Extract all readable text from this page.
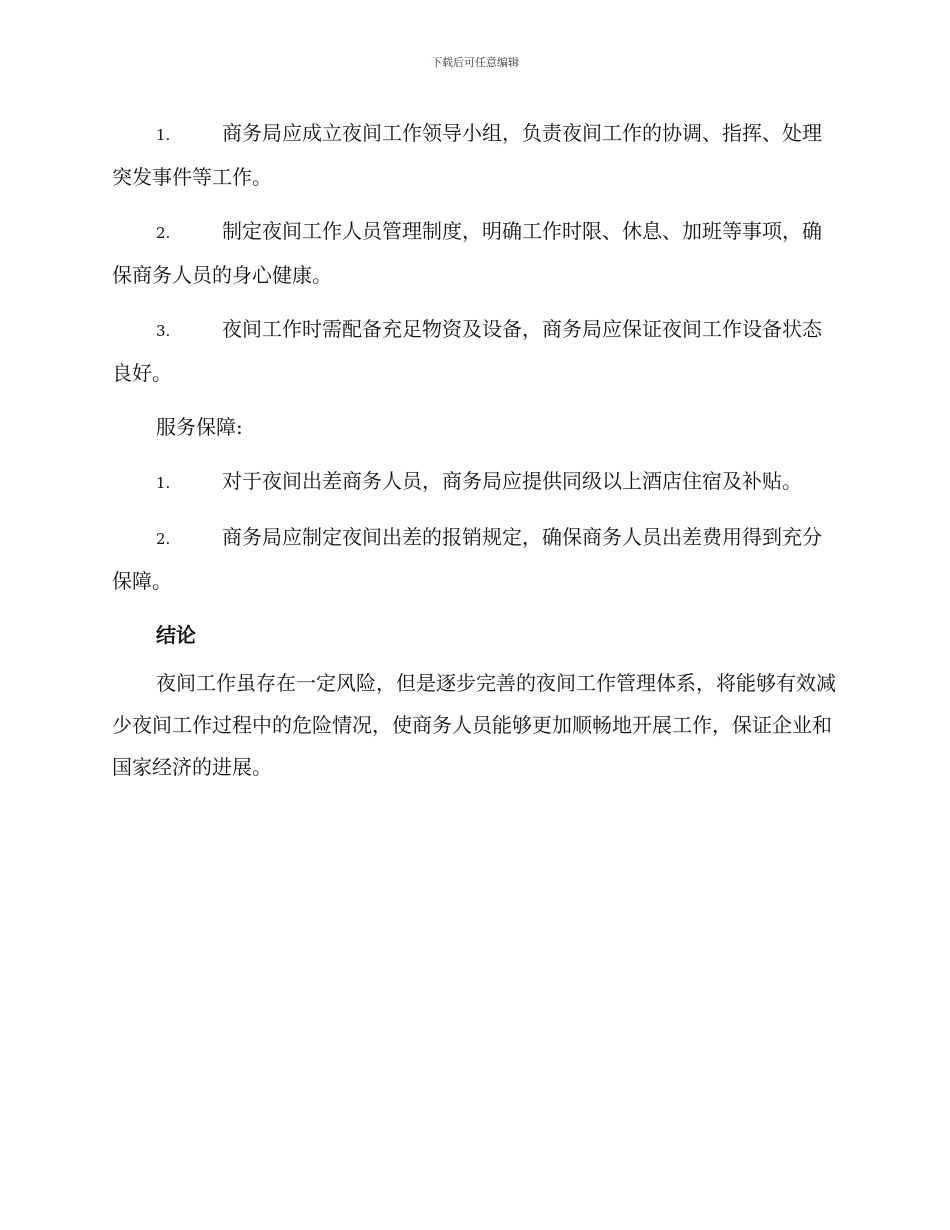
下载后可任意编辑

1.	商务局应成立夜间工作领导小组，负责夜间工作的协调、指挥、处理突发事件等工作。

2.	制定夜间工作人员管理制度，明确工作时限、休息、加班等事项，确保商务人员的身心健康。

3.	夜间工作时需配备充足物资及设备，商务局应保证夜间工作设备状态良好。

服务保障:

1.	对于夜间出差商务人员，商务局应提供同级以上酒店住宿及补贴。

2.	商务局应制定夜间出差的报销规定，确保商务人员出差费用得到充分保障。

结论

夜间工作虽存在一定风险，但是逐步完善的夜间工作管理体系，将能够有效减少夜间工作过程中的危险情况，使商务人员能够更加顺畅地开展工作，保证企业和国家经济的进展。
